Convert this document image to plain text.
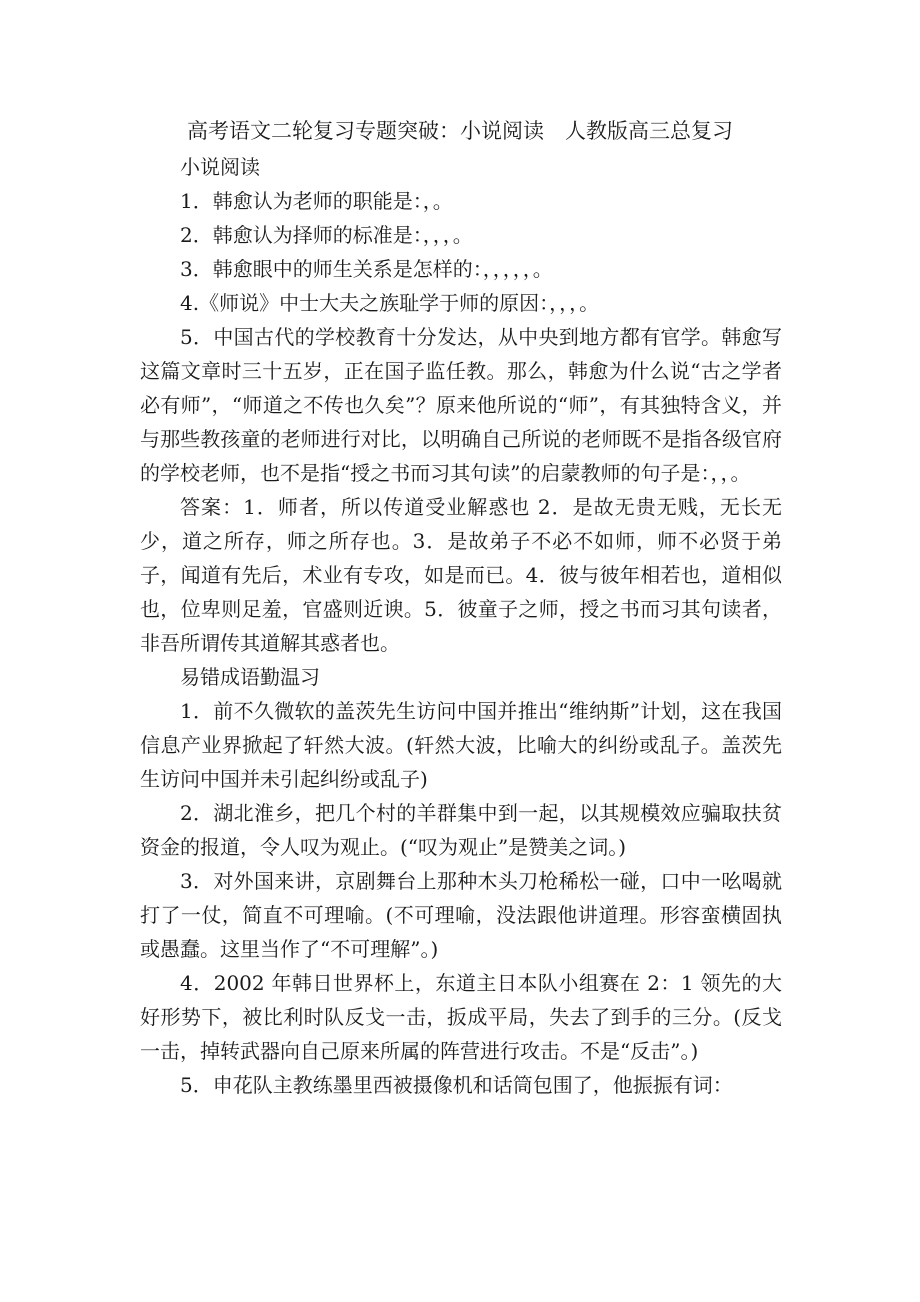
高考语文二轮复习专题突破：小说阅读　人教版高三总复习

小说阅读

1．韩愈认为老师的职能是：，。

2．韩愈认为择师的标准是：，，，。

3．韩愈眼中的师生关系是怎样的：，，，，，。

4.《师说》中士大夫之族耻学于师的原因：，，，。

5．中国古代的学校教育十分发达，从中央到地方都有官学。韩愈写这篇文章时三十五岁，正在国子监任教。那么，韩愈为什么说“古之学者必有师”，“师道之不传也久矣”？原来他所说的“师”，有其独特含义，并与那些教孩童的老师进行对比，以明确自己所说的老师既不是指各级官府的学校老师，也不是指“授之书而习其句读”的启蒙教师的句子是：，，。

答案：1．师者，所以传道受业解惑也 2．是故无贵无贱，无长无少，道之所存，师之所存也。3．是故弟子不必不如师，师不必贤于弟子，闻道有先后，术业有专攻，如是而已。4．彼与彼年相若也，道相似也，位卑则足羞，官盛则近谀。5．彼童子之师，授之书而习其句读者，非吾所谓传其道解其惑者也。

易错成语勤温习

1．前不久微软的盖茨先生访问中国并推出“维纳斯”计划，这在我国信息产业界掀起了轩然大波。(轩然大波，比喻大的纠纷或乱子。盖茨先生访问中国并未引起纠纷或乱子)

2．湖北淮乡，把几个村的羊群集中到一起，以其规模效应骗取扶贫资金的报道，令人叹为观止。(“叹为观止”是赞美之词。)

3．对外国来讲，京剧舞台上那种木头刀枪稀松一碰，口中一吆喝就打了一仗，简直不可理喻。(不可理喻，没法跟他讲道理。形容蛮横固执或愚蠢。这里当作了“不可理解”。)

4．2002 年韩日世界杯上，东道主日本队小组赛在 2：1 领先的大好形势下，被比利时队反戈一击，扳成平局，失去了到手的三分。(反戈一击，掉转武器向自己原来所属的阵营进行攻击。不是“反击”。)

5．申花队主教练墨里西被摄像机和话筒包围了，他振振有词：
